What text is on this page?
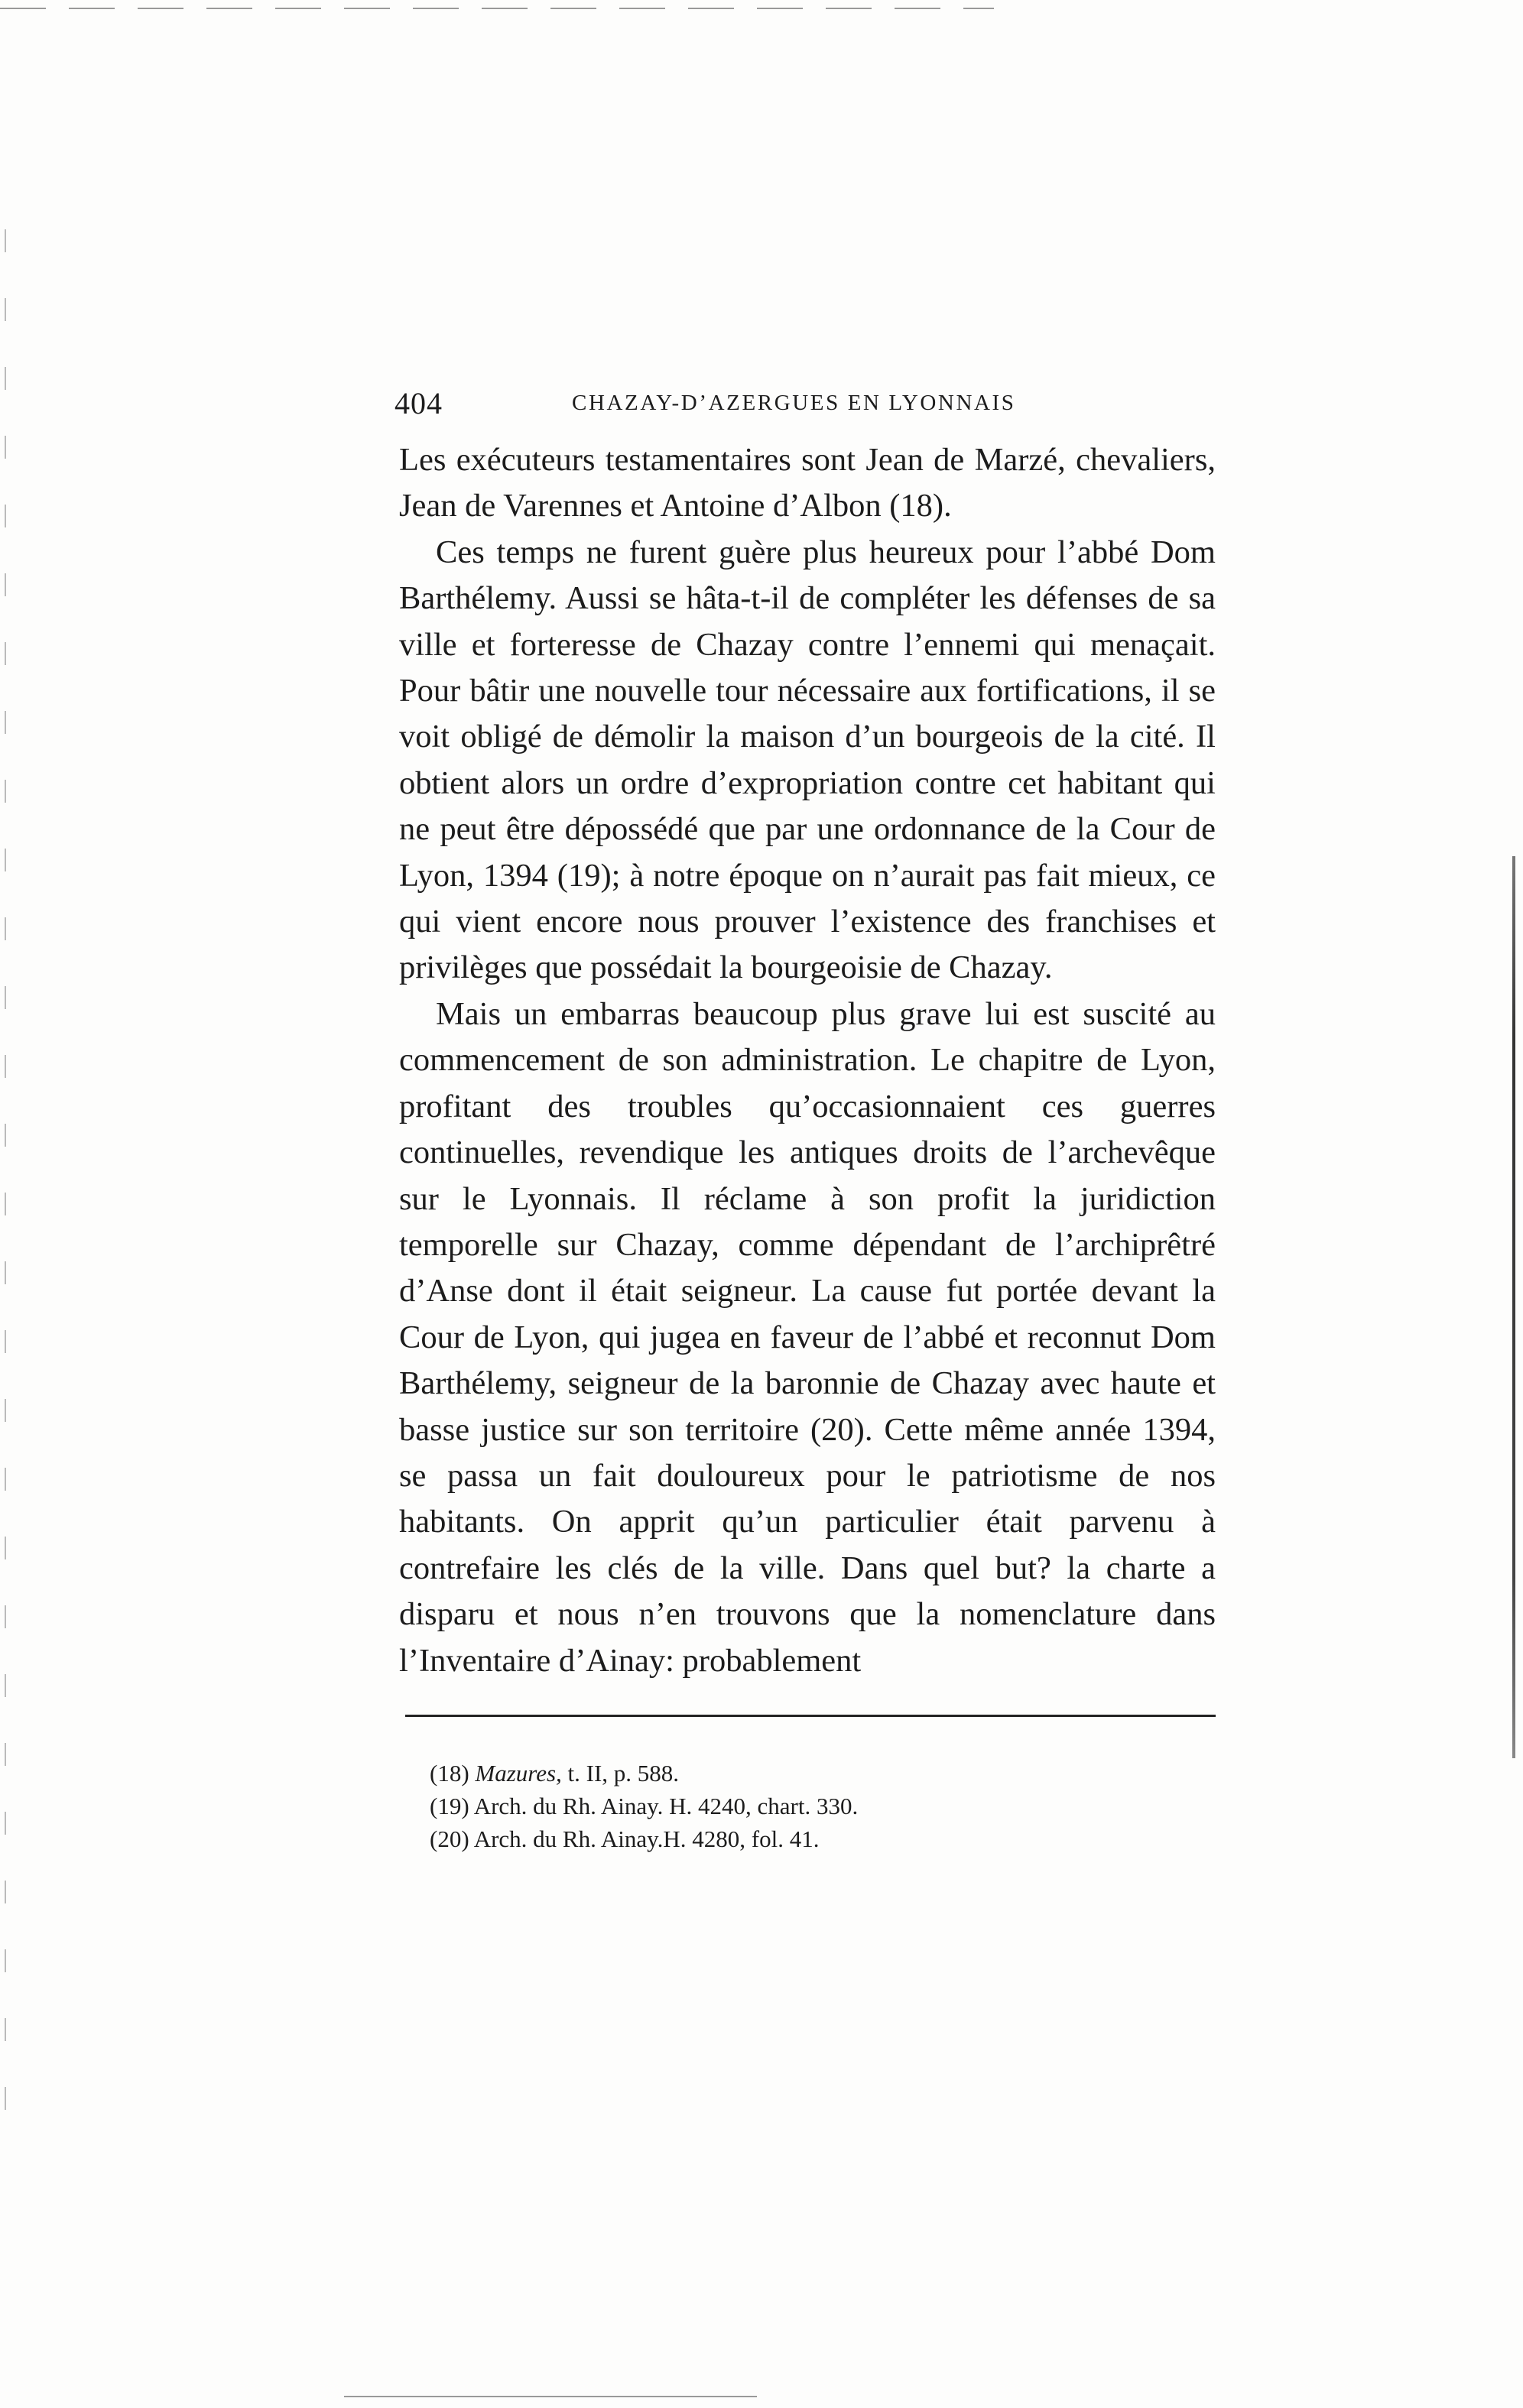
404	CHAZAY-D’AZERGUES EN LYONNAIS

Les exécuteurs testamentaires sont Jean de Marzé, chevaliers, Jean de Varennes et Antoine d’Albon (18).

Ces temps ne furent guère plus heureux pour l’abbé Dom Barthélemy. Aussi se hâta-t-il de compléter les défenses de sa ville et forteresse de Chazay contre l’ennemi qui menaçait. Pour bâtir une nouvelle tour nécessaire aux fortifications, il se voit obligé de démolir la maison d’un bourgeois de la cité. Il obtient alors un ordre d’expropriation contre cet habitant qui ne peut être dépossédé que par une ordonnance de la Cour de Lyon, 1394 (19); à notre époque on n’aurait pas fait mieux, ce qui vient encore nous prouver l’existence des franchises et privilèges que possédait la bourgeoisie de Chazay.

Mais un embarras beaucoup plus grave lui est suscité au commencement de son administration. Le chapitre de Lyon, profitant des troubles qu’occasionnaient ces guerres continuelles, revendique les antiques droits de l’archevêque sur le Lyonnais. Il réclame à son profit la juridiction temporelle sur Chazay, comme dépendant de l’archiprêtré d’Anse dont il était seigneur. La cause fut portée devant la Cour de Lyon, qui jugea en faveur de l’abbé et reconnut Dom Barthélemy, seigneur de la baronnie de Chazay avec haute et basse justice sur son territoire (20). Cette même année 1394, se passa un fait douloureux pour le patriotisme de nos habitants. On apprit qu’un particulier était parvenu à contrefaire les clés de la ville. Dans quel but? la charte a disparu et nous n’en trouvons que la nomenclature dans l’Inventaire d’Ainay: probablement

(18) Mazures, t. II, p. 588.
(19) Arch. du Rh. Ainay. H. 4240, chart. 330.
(20) Arch. du Rh. Ainay.H. 4280, fol. 41.
